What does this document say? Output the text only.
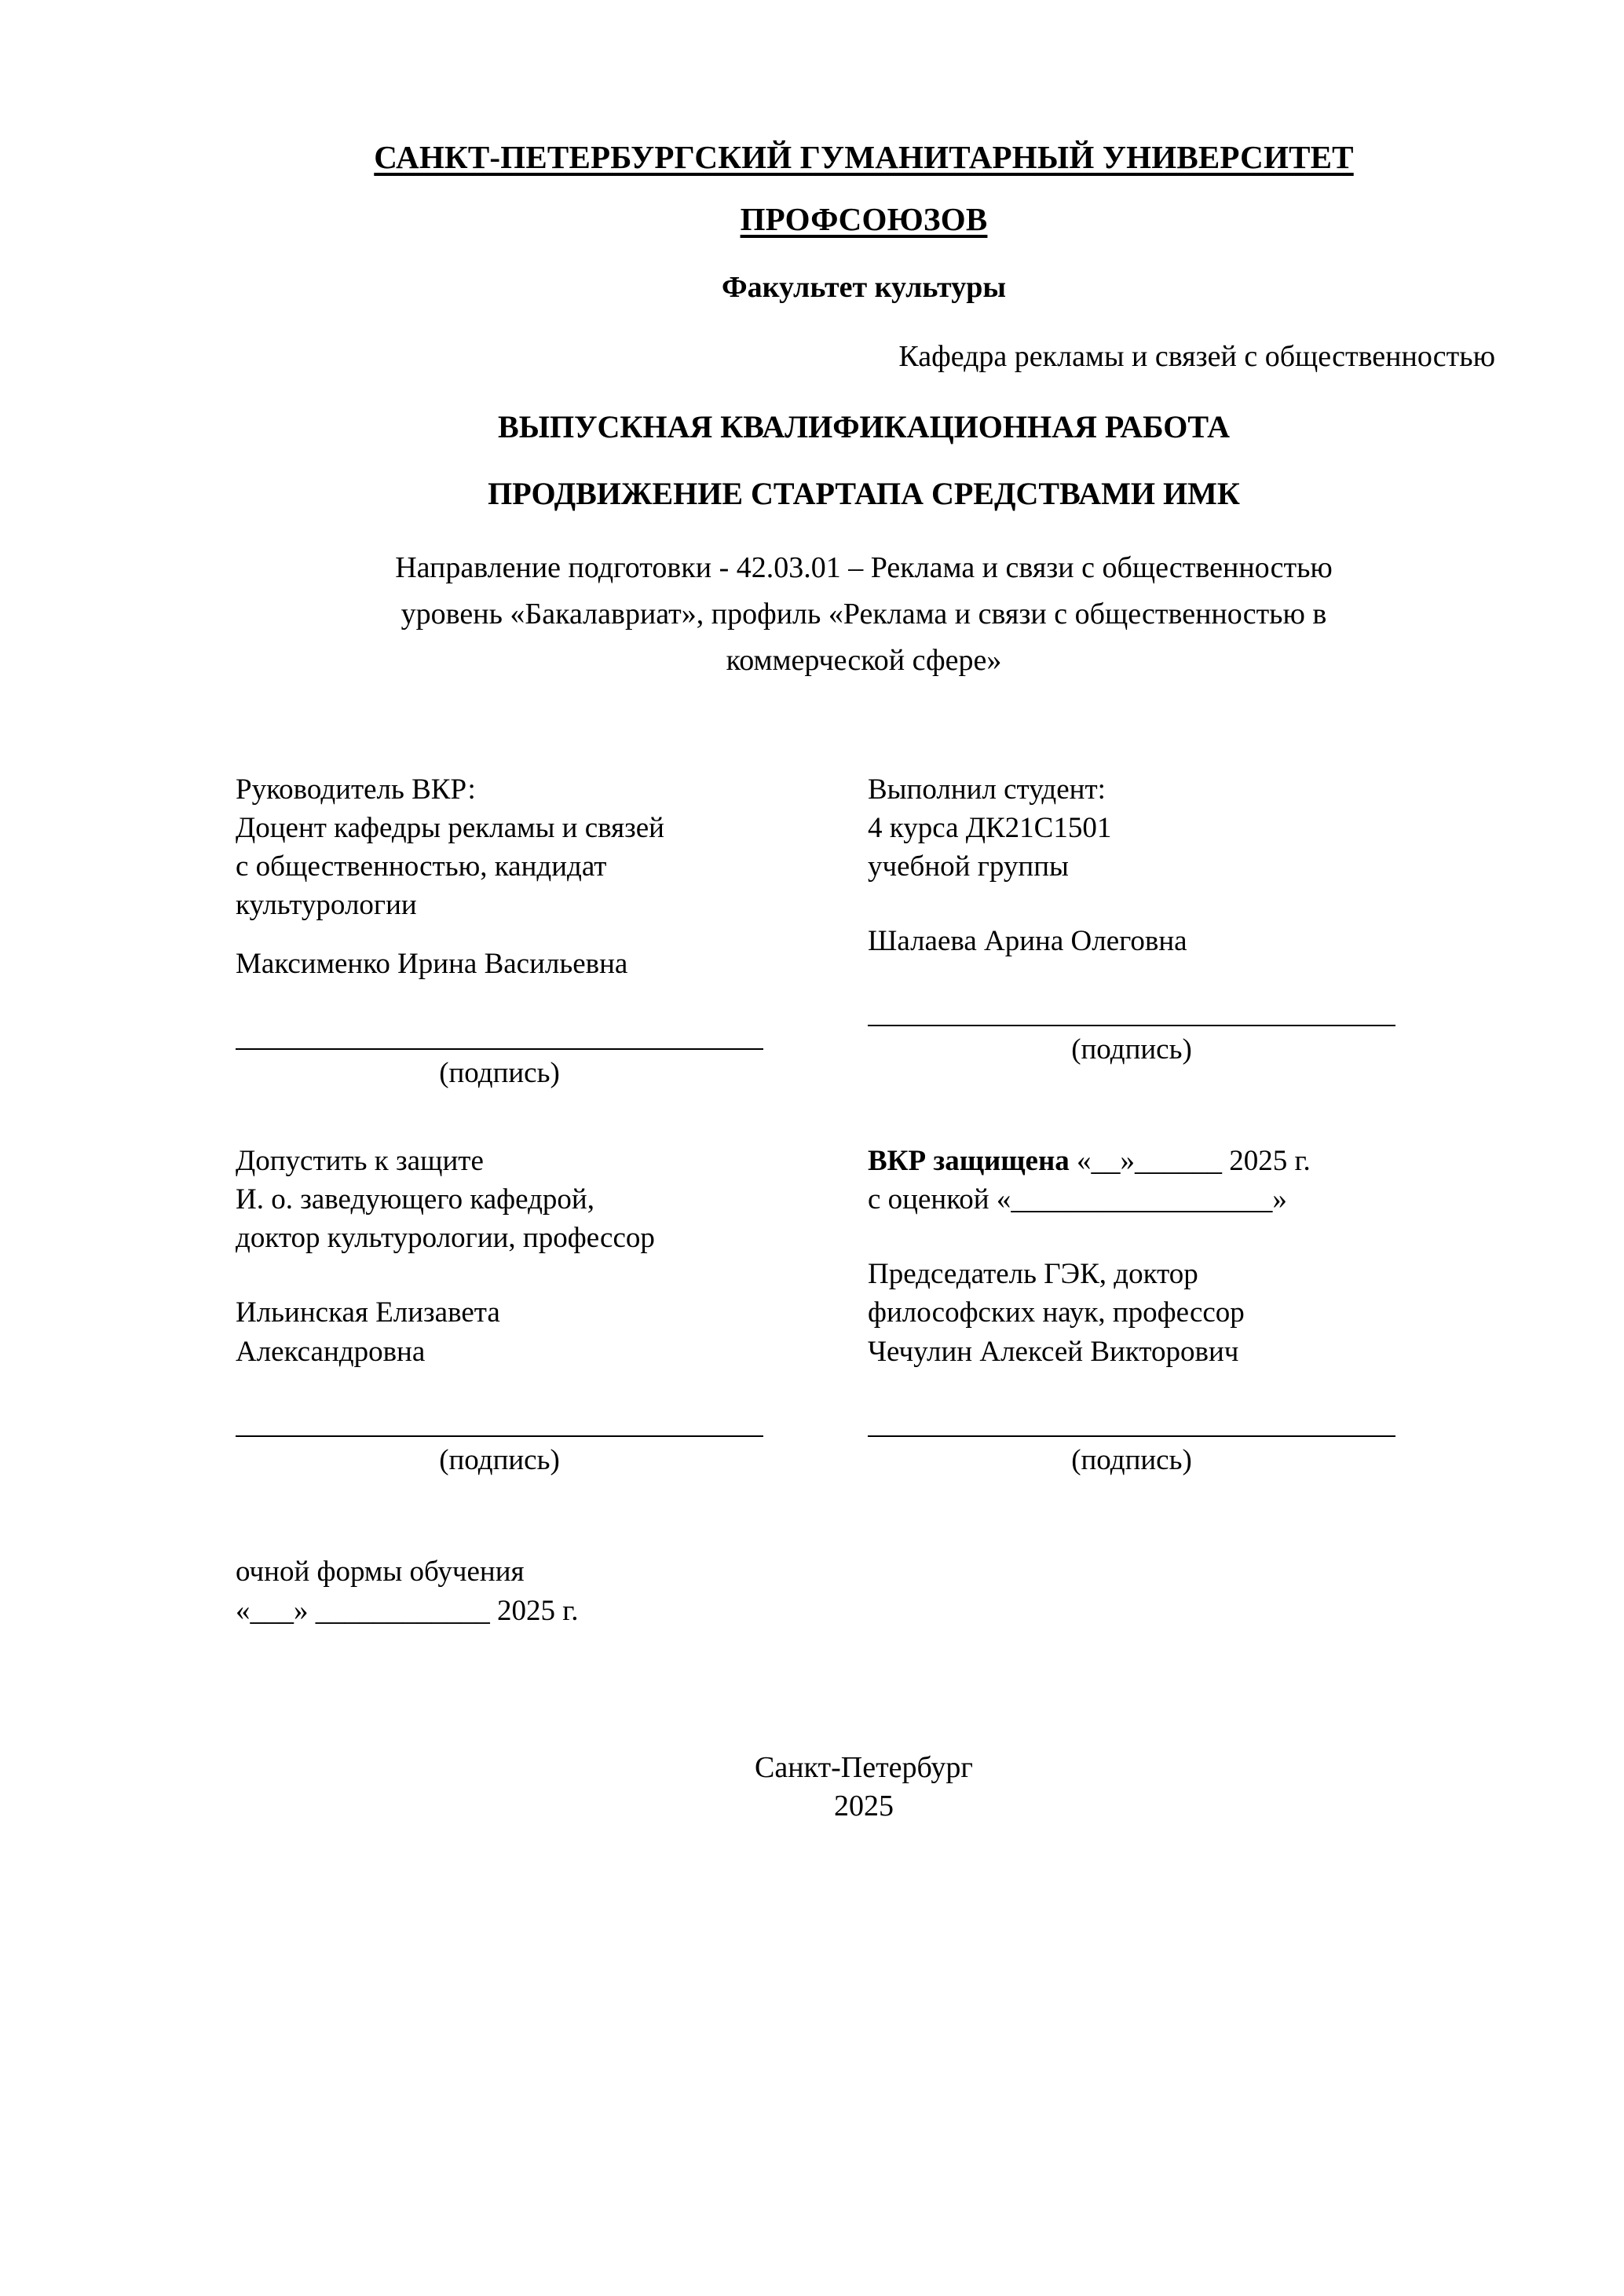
САНКТ-ПЕТЕРБУРГСКИЙ ГУМАНИТАРНЫЙ УНИВЕРСИТЕТ
ПРОФСОЮЗОВ
Факультет культуры
Кафедра рекламы и связей с общественностью
ВЫПУСКНАЯ КВАЛИФИКАЦИОННАЯ РАБОТА
ПРОДВИЖЕНИЕ СТАРТАПА СРЕДСТВАМИ ИМК
Направление подготовки - 42.03.01 – Реклама и связи с общественностью
уровень «Бакалавриат», профиль «Реклама и связи с общественностью в
коммерческой сфере»
Руководитель ВКР:
Доцент кафедры рекламы и связей
с общественностью, кандидат
культурологии
Максименко Ирина Васильевна
(подпись)
Выполнил студент:
4 курса ДК21С1501
учебной группы
Шалаева Арина Олеговна
(подпись)
Допустить к защите
И. о. заведующего кафедрой,
доктор культурологии, профессор
Ильинская Елизавета
Александровна
(подпись)
ВКР защищена «__»______ 2025 г.
с оценкой «__________________»
Председатель ГЭК, доктор
философских наук, профессор
Чечулин Алексей Викторович
(подпись)
очной формы обучения
«___» ____________ 2025 г.
Санкт-Петербург
2025
